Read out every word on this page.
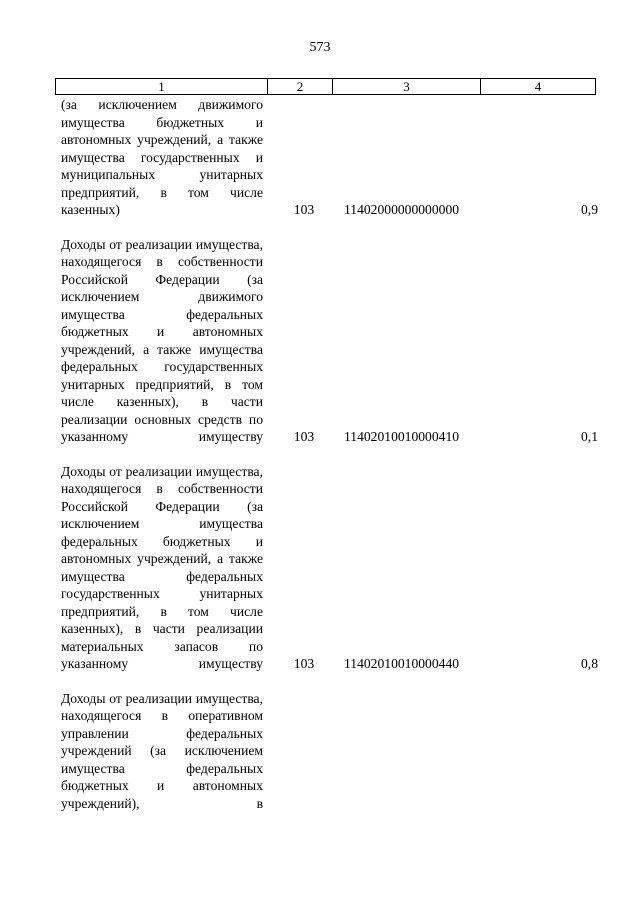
573
1	2	3	4
(за исключением движимого имущества бюджетных и автономных учреждений, а также имущества государственных и муниципальных унитарных предприятий, в том числе казенных)	103	11402000000000000	0,9
Доходы от реализации имущества, находящегося в собственности Российской Федерации (за исключением движимого имущества федеральных бюджетных и автономных учреждений, а также имущества федеральных государственных унитарных предприятий, в том числе казенных), в части реализации основных средств по указанному имуществу	103	11402010010000410	0,1
Доходы от реализации имущества, находящегося в собственности Российской Федерации (за исключением имущества федеральных бюджетных и автономных учреждений, а также имущества федеральных государственных унитарных предприятий, в том числе казенных), в части реализации материальных запасов по указанному имуществу	103	11402010010000440	0,8
Доходы от реализации имущества, находящегося в оперативном управлении федеральных учреждений (за исключением имущества федеральных бюджетных и автономных учреждений), в
